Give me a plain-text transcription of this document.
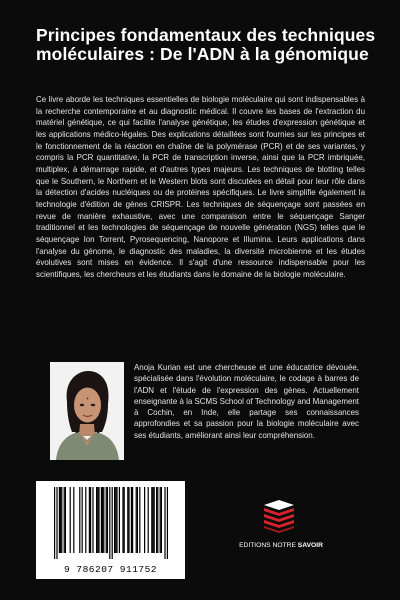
Principes fondamentaux des techniques moléculaires : De l'ADN à la génomique

Ce livre aborde les techniques essentielles de biologie moléculaire qui sont indispensables à la recherche contemporaine et au diagnostic médical. Il couvre les bases de l'extraction du matériel génétique, ce qui facilite l'analyse génétique, les études d'expression génétique et les applications médico-légales. Des explications détaillées sont fournies sur les principes et le fonctionnement de la réaction en chaîne de la polymérase (PCR) et de ses variantes, y compris la PCR quantitative, la PCR de transcription inverse, ainsi que la PCR imbriquée, multiplex, à démarrage rapide, et d'autres types majeurs. Les techniques de blotting telles que le Southern, le Northern et le Western blots sont discutées en détail pour leur rôle dans la détection d'acides nucléiques ou de protéines spécifiques. Le livre simplifie également la technologie d'édition de gènes CRISPR. Les techniques de séquençage sont passées en revue de manière exhaustive, avec une comparaison entre le séquençage Sanger traditionnel et les technologies de séquençage de nouvelle génération (NGS) telles que le séquençage Ion Torrent, Pyrosequencing, Nanopore et Illumina. Leurs applications dans l'analyse du génome, le diagnostic des maladies, la diversité microbienne et les études évolutives sont mises en évidence. Il s'agit d'une ressource indispensable pour les scientifiques, les chercheurs et les étudiants dans le domaine de la biologie moléculaire.

Anoja Kurian est une chercheuse et une éducatrice dévouée, spécialisée dans l'évolution moléculaire, le codage à barres de l'ADN et l'étude de l'expression des gènes. Actuellement enseignante à la SCMS School of Technology and Management à Cochin, en Inde, elle partage ses connaissances approfondies et sa passion pour la biologie moléculaire avec ses étudiants, améliorant ainsi leur compréhension.

9 786207 911752

EDITIONS NOTRE SAVOIR
